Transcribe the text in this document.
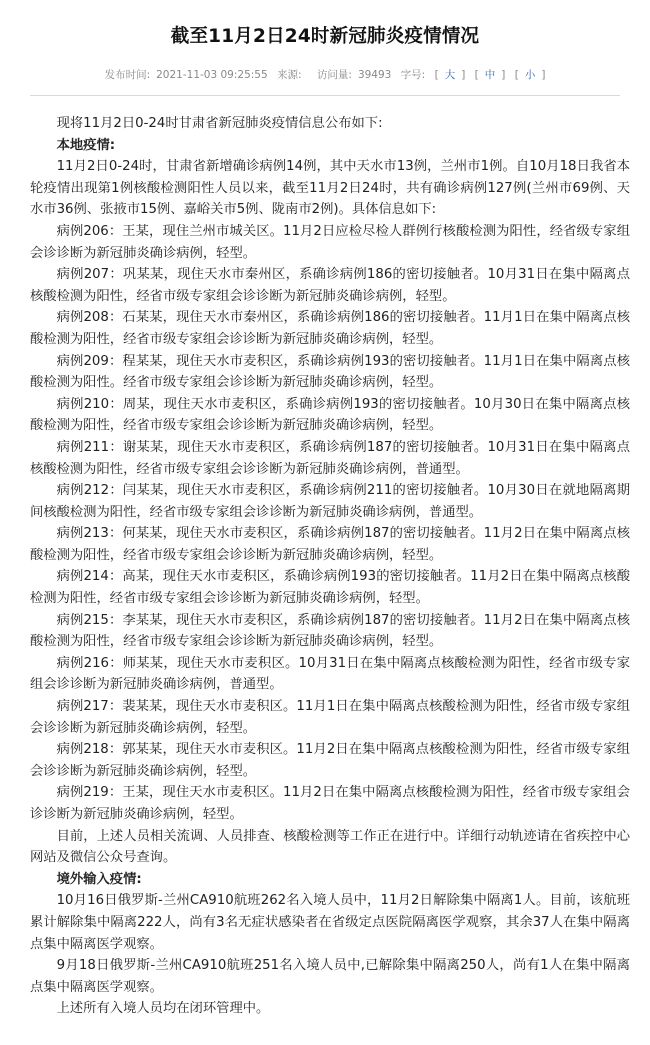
截至11月2日24时新冠肺炎疫情情况
发布时间: 2021-11-03 09:25:55 来源: 访问量: 39493 字号: [ 大 ] [ 中 ] [ 小 ]

现将11月2日0-24时甘肃省新冠肺炎疫情信息公布如下:

本地疫情:

11月2日0-24时，甘肃省新增确诊病例14例，其中天水市13例，兰州市1例。自10月18日我省本轮疫情出现第1例核酸检测阳性人员以来，截至11月2日24时，共有确诊病例127例(兰州市69例、天水市36例、张掖市15例、嘉峪关市5例、陇南市2例)。具体信息如下:

病例206：王某，现住兰州市城关区。11月2日应检尽检人群例行核酸检测为阳性，经省级专家组会诊诊断为新冠肺炎确诊病例，轻型。

病例207：巩某某，现住天水市秦州区，系确诊病例186的密切接触者。10月31日在集中隔离点核酸检测为阳性，经省市级专家组会诊诊断为新冠肺炎确诊病例，轻型。

病例208：石某某，现住天水市秦州区，系确诊病例186的密切接触者。11月1日在集中隔离点核酸检测为阳性，经省市级专家组会诊诊断为新冠肺炎确诊病例，轻型。

病例209：程某某，现住天水市麦积区，系确诊病例193的密切接触者。11月1日在集中隔离点核酸检测为阳性。经省市级专家组会诊诊断为新冠肺炎确诊病例，轻型。

病例210：周某，现住天水市麦积区，系确诊病例193的密切接触者。10月30日在集中隔离点核酸检测为阳性，经省市级专家组会诊诊断为新冠肺炎确诊病例，轻型。

病例211：谢某某，现住天水市麦积区，系确诊病例187的密切接触者。10月31日在集中隔离点核酸检测为阳性，经省市级专家组会诊诊断为新冠肺炎确诊病例，普通型。

病例212：闫某某，现住天水市麦积区，系确诊病例211的密切接触者。10月30日在就地隔离期间核酸检测为阳性，经省市级专家组会诊诊断为新冠肺炎确诊病例，普通型。

病例213：何某某，现住天水市麦积区，系确诊病例187的密切接触者。11月2日在集中隔离点核酸检测为阳性，经省市级专家组会诊诊断为新冠肺炎确诊病例，轻型。

病例214：高某，现住天水市麦积区，系确诊病例193的密切接触者。11月2日在集中隔离点核酸检测为阳性，经省市级专家组会诊诊断为新冠肺炎确诊病例，轻型。

病例215：李某某，现住天水市麦积区，系确诊病例187的密切接触者。11月2日在集中隔离点核酸检测为阳性，经省市级专家组会诊诊断为新冠肺炎确诊病例，轻型。

病例216：师某某，现住天水市麦积区。10月31日在集中隔离点核酸检测为阳性，经省市级专家组会诊诊断为新冠肺炎确诊病例，普通型。

病例217：裴某某，现住天水市麦积区。11月1日在集中隔离点核酸检测为阳性，经省市级专家组会诊诊断为新冠肺炎确诊病例，轻型。

病例218：郭某某，现住天水市麦积区。11月2日在集中隔离点核酸检测为阳性，经省市级专家组会诊诊断为新冠肺炎确诊病例，轻型。

病例219：王某，现住天水市麦积区。11月2日在集中隔离点核酸检测为阳性，经省市级专家组会诊诊断为新冠肺炎确诊病例，轻型。

目前，上述人员相关流调、人员排查、核酸检测等工作正在进行中。详细行动轨迹请在省疾控中心网站及微信公众号查询。

境外输入疫情:

10月16日俄罗斯-兰州CA910航班262名入境人员中，11月2日解除集中隔离1人。目前，该航班累计解除集中隔离222人，尚有3名无症状感染者在省级定点医院隔离医学观察，其余37人在集中隔离点集中隔离医学观察。

9月18日俄罗斯-兰州CA910航班251名入境人员中,已解除集中隔离250人，尚有1人在集中隔离点集中隔离医学观察。

上述所有入境人员均在闭环管理中。
